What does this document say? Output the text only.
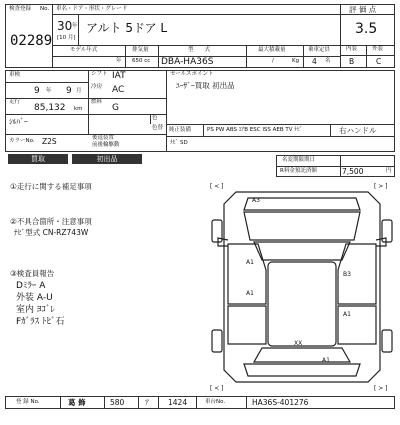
検査登録 No.
02289
車名・ドア・形状・グレード
30 年
[10 月]
アルト 5ドア L
評 価 点
3.5
内装	外装
B	C
モデル年式
年
排気量
650 cc
型　　式
DBA-HA36S
最大積載量
/	Kg
乗車定員
4 名
車検	シフト IAT
冷房 AC
9 年 9 月
走行
85,132 km
燃料
G
色
ｼﾙﾊﾞｰ
色替
カラーNo. Z2S	後退装置
前後輪駆動
セールスポイント
ﾕｰｻﾞｰ買取 初出品
純正装備	PS PW ABS ｴｱB ESC ISS AEB TV ﾅﾋﾞ	右ハンドル
ﾅﾋﾞ SD
買取	初出品	名変期限期日
R料金預託済額	7,500	円
①走行に関する補足事項
②不具合箇所・注意事項
ﾅﾋﾞ型式 CN-RZ743W
③検査員報告
Dﾐﾗｰ A
外装 A-U
室内 ﾖｺﾞﾚ
Fｶﾞﾗｽ ﾄﾋﾞ石
[ < ]	[ > ]
[ < ]	[ > ]
A3
A1
A1
B3
A1
XX
A1
登 録 No.	葛 飾	580	ｱ	1424	車台No.	HA36S-401276
